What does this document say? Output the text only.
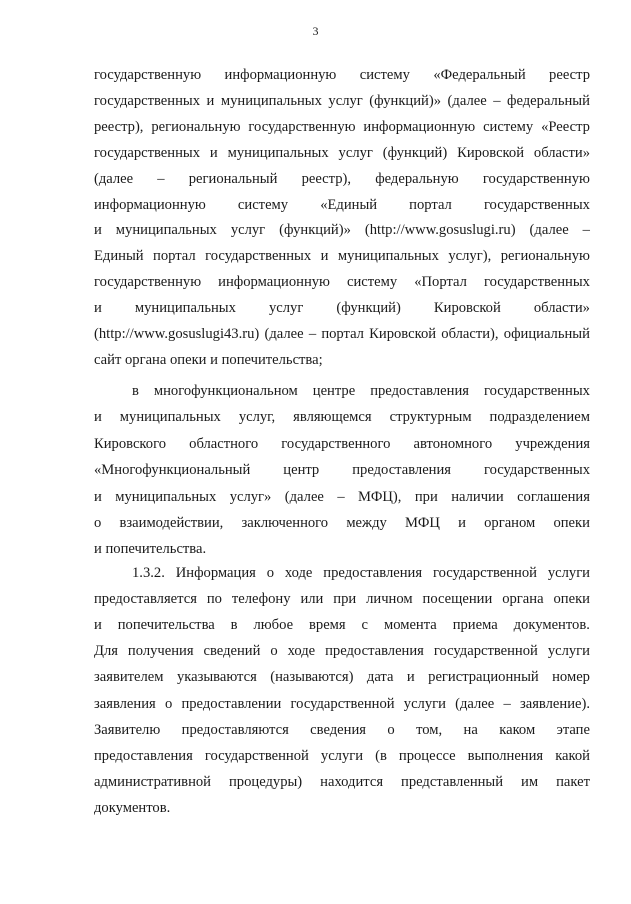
3
государственную информационную систему «Федеральный реестр
государственных и муниципальных услуг (функций)» (далее – федеральный
реестр), региональную государственную информационную систему «Реестр
государственных и муниципальных услуг (функций) Кировской области»
(далее – региональный реестр), федеральную государственную
информационную систему «Единый портал государственных
и муниципальных услуг (функций)» (http://www.gosuslugi.ru) (далее –
Единый портал государственных и муниципальных услуг), региональную
государственную информационную систему «Портал государственных
и муниципальных услуг (функций) Кировской области»
(http://www.gosuslugi43.ru) (далее – портал Кировской области), официальный
сайт органа опеки и попечительства;
в многофункциональном центре предоставления государственных
и муниципальных услуг, являющемся структурным подразделением
Кировского областного государственного автономного учреждения
«Многофункциональный центр предоставления государственных
и муниципальных услуг» (далее – МФЦ), при наличии соглашения
о взаимодействии, заключенного между МФЦ и органом опеки
и попечительства.
1.3.2. Информация о ходе предоставления государственной услуги
предоставляется по телефону или при личном посещении органа опеки
и попечительства в любое время с момента приема документов.
Для получения сведений о ходе предоставления государственной услуги
заявителем указываются (называются) дата и регистрационный номер
заявления о предоставлении государственной услуги (далее – заявление).
Заявителю предоставляются сведения о том, на каком этапе
предоставления государственной услуги (в процессе выполнения какой
административной процедуры) находится представленный им пакет
документов.
